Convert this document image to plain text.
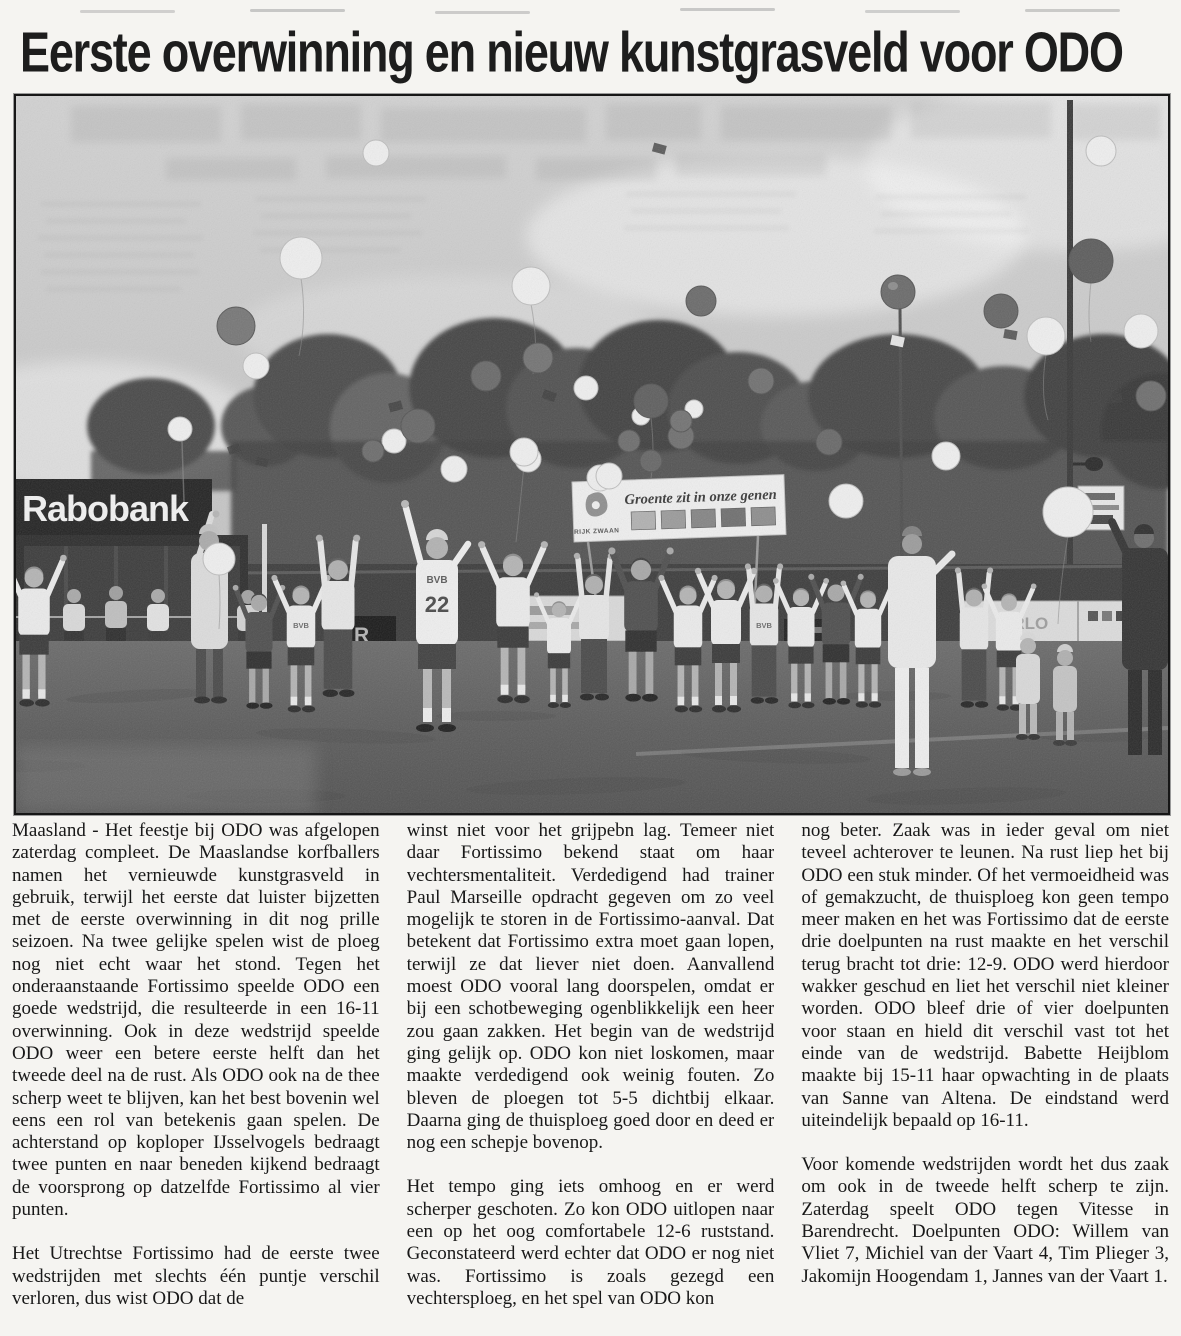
Eerste overwinning en nieuw kunstgrasveld voor ODO

Maasland - Het feestje bij ODO was afgelopen zaterdag compleet. De Maaslandse korfballers namen het vernieuwde kunstgrasveld in gebruik, terwijl het eerste dat luister bijzetten met de eerste overwinning in dit nog prille seizoen. Na twee gelijke spelen wist de ploeg nog niet echt waar het stond. Tegen het onderaanstaande Fortissimo speelde ODO een goede wedstrijd, die resulteerde in een 16-11 overwinning. Ook in deze wedstrijd speelde ODO weer een betere eerste helft dan het tweede deel na de rust. Als ODO ook na de thee scherp weet te blijven, kan het best bovenin wel eens een rol van betekenis gaan spelen. De achterstand op koploper IJsselvogels bedraagt twee punten en naar beneden kijkend bedraagt de voorsprong op datzelfde Fortissimo al vier punten.

Het Utrechtse Fortissimo had de eerste twee wedstrijden met slechts één puntje verschil verloren, dus wist ODO dat de

winst niet voor het grijpebn lag. Temeer niet daar Fortissimo bekend staat om haar vechtersmentaliteit. Verdedigend had trainer Paul Marseille opdracht gegeven om zo veel mogelijk te storen in de Fortissimo-aanval. Dat betekent dat Fortissimo extra moet gaan lopen, terwijl ze dat liever niet doen. Aanvallend moest ODO vooral lang doorspelen, omdat er bij een schotbeweging ogenblikkelijk een heer zou gaan zakken. Het begin van de wedstrijd ging gelijk op. ODO kon niet loskomen, maar maakte verdedigend ook weinig fouten. Zo bleven de ploegen tot 5-5 dichtbij elkaar. Daarna ging de thuisploeg goed door en deed er nog een schepje bovenop.

Het tempo ging iets omhoog en er werd scherper geschoten. Zo kon ODO uitlopen naar een op het oog comfortabele 12-6 ruststand. Geconstateerd werd echter dat ODO er nog niet was. Fortissimo is zoals gezegd een vechtersploeg, en het spel van ODO kon

nog beter. Zaak was in ieder geval om niet teveel achterover te leunen. Na rust liep het bij ODO een stuk minder. Of het vermoeidheid was of gemakzucht, de thuisploeg kon geen tempo meer maken en het was Fortissimo dat de eerste drie doelpunten na rust maakte en het verschil terug bracht tot drie: 12-9. ODO werd hierdoor wakker geschud en liet het verschil niet kleiner worden. ODO bleef drie of vier doelpunten voor staan en hield dit verschil vast tot het einde van de wedstrijd. Babette Heijblom maakte bij 15-11 haar opwachting in de plaats van Sanne van Altena. De eindstand werd uiteindelijk bepaald op 16-11.

Voor komende wedstrijden wordt het dus zaak om ook in de tweede helft scherp te zijn. Zaterdag speelt ODO tegen Vitesse in Barendrecht. Doelpunten ODO: Willem van Vliet 7, Michiel van der Vaart 4, Tim Plieger 3, Jakomijn Hoogendam 1, Jannes van der Vaart 1.
